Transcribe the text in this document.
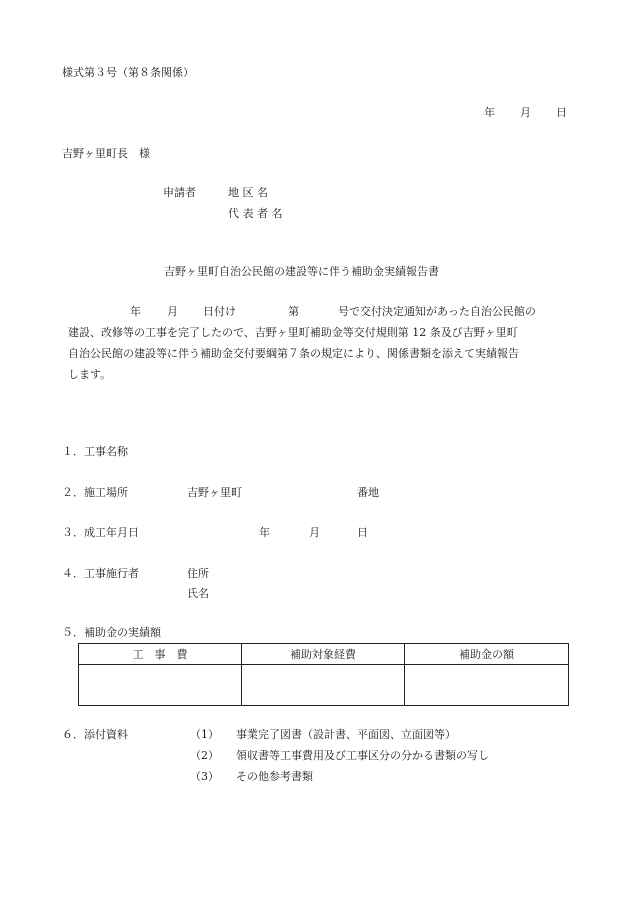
様式第３号（第８条関係）
年 月 日
吉野ヶ里町長　様
申請者	地 区 名
代 表 者 名
吉野ヶ里町自治公民館の建設等に伴う補助金実績報告書
年 月 日付け	第	号で交付決定通知があった自治公民館の
建設、改修等の工事を完了したので、吉野ヶ里町補助金等交付規則第 12 条及び吉野ヶ里町
自治公民館の建設等に伴う補助金交付要綱第７条の規定により、関係書類を添えて実績報告
します。
１．工事名称
２．施工場所	吉野ヶ里町	番地
３．成工年月日	年	月	日
４．工事施行者	住所
氏名
５．補助金の実績額
工　事　費	補助対象経費	補助金の額

６．添付資料	（1） 事業完了図書（設計書、平面図、立面図等）
（2） 領収書等工事費用及び工事区分の分かる書類の写し
（3） その他参考書類
